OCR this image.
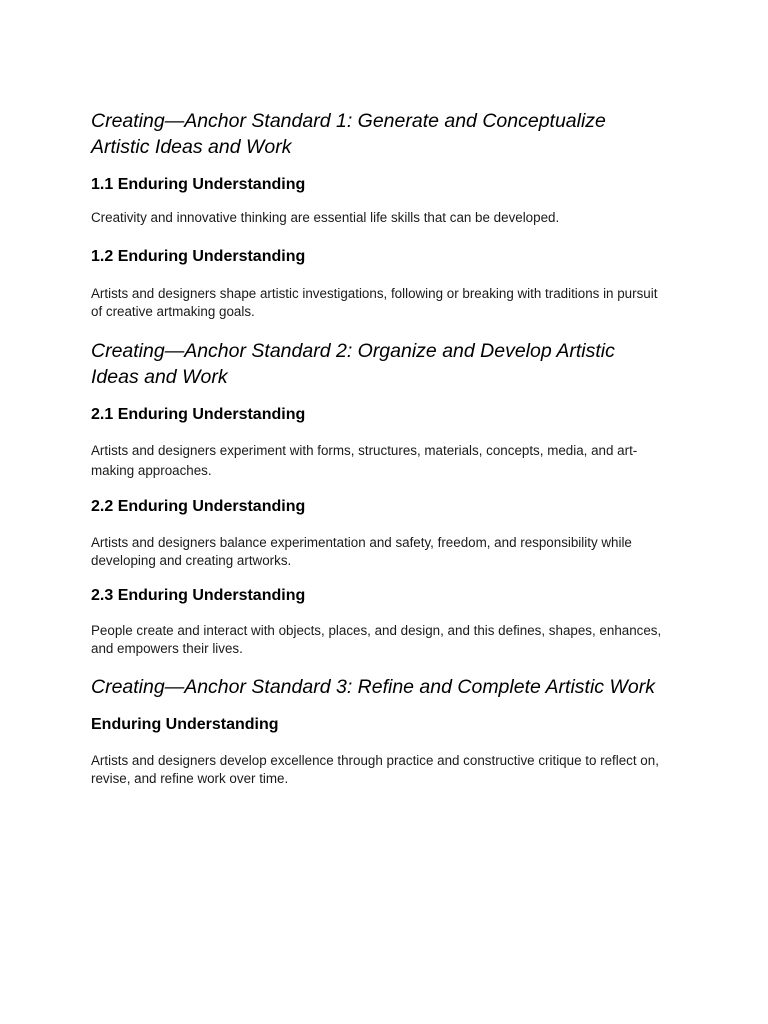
Creating—Anchor Standard 1: Generate and Conceptualize Artistic Ideas and Work
1.1 Enduring Understanding

Creativity and innovative thinking are essential life skills that can be developed.

1.2 Enduring Understanding

Artists and designers shape artistic investigations, following or breaking with traditions in pursuit of creative artmaking goals.

Creating—Anchor Standard 2: Organize and Develop Artistic Ideas and Work
2.1 Enduring Understanding

Artists and designers experiment with forms, structures, materials, concepts, media, and art-making approaches.

2.2 Enduring Understanding

Artists and designers balance experimentation and safety, freedom, and responsibility while developing and creating artworks.

2.3 Enduring Understanding

People create and interact with objects, places, and design, and this defines, shapes, enhances, and empowers their lives.

Creating—Anchor Standard 3: Refine and Complete Artistic Work
Enduring Understanding

Artists and designers develop excellence through practice and constructive critique to reflect on, revise, and refine work over time.
